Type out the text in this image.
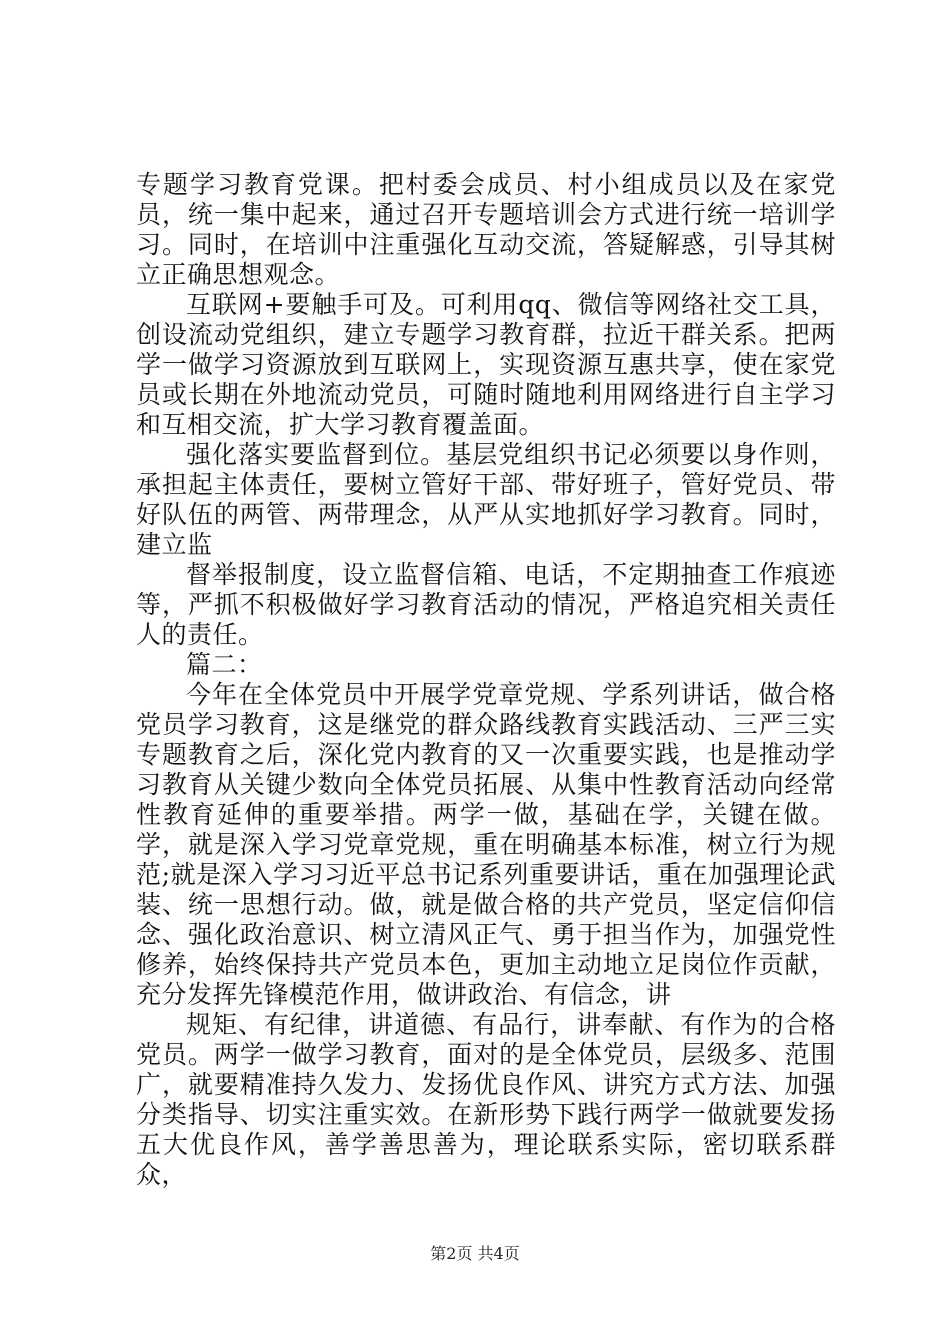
专题学习教育党课。把村委会成员、村小组成员以及在家党员，统一集中起来，通过召开专题培训会方式进行统一培训学习。同时，在培训中注重强化互动交流，答疑解惑，引导其树立正确思想观念。

互联网+要触手可及。可利用qq、微信等网络社交工具，创设流动党组织，建立专题学习教育群，拉近干群关系。把两学一做学习资源放到互联网上，实现资源互惠共享，使在家党员或长期在外地流动党员，可随时随地利用网络进行自主学习和互相交流，扩大学习教育覆盖面。

强化落实要监督到位。基层党组织书记必须要以身作则，承担起主体责任，要树立管好干部、带好班子，管好党员、带好队伍的两管、两带理念，从严从实地抓好学习教育。同时，建立监

督举报制度，设立监督信箱、电话，不定期抽查工作痕迹等，严抓不积极做好学习教育活动的情况，严格追究相关责任人的责任。

篇二：

今年在全体党员中开展学党章党规、学系列讲话，做合格党员学习教育，这是继党的群众路线教育实践活动、三严三实专题教育之后，深化党内教育的又一次重要实践，也是推动学习教育从关键少数向全体党员拓展、从集中性教育活动向经常性教育延伸的重要举措。两学一做，基础在学，关键在做。学，就是深入学习党章党规，重在明确基本标准，树立行为规范;就是深入学习习近平总书记系列重要讲话，重在加强理论武装、统一思想行动。做，就是做合格的共产党员，坚定信仰信念、强化政治意识、树立清风正气、勇于担当作为，加强党性修养，始终保持共产党员本色，更加主动地立足岗位作贡献，充分发挥先锋模范作用，做讲政治、有信念，讲

规矩、有纪律，讲道德、有品行，讲奉献、有作为的合格党员。两学一做学习教育，面对的是全体党员，层级多、范围广，就要精准持久发力、发扬优良作风、讲究方式方法、加强分类指导、切实注重实效。在新形势下践行两学一做就要发扬五大优良作风，善学善思善为，理论联系实际，密切联系群众，

第2页 共4页
